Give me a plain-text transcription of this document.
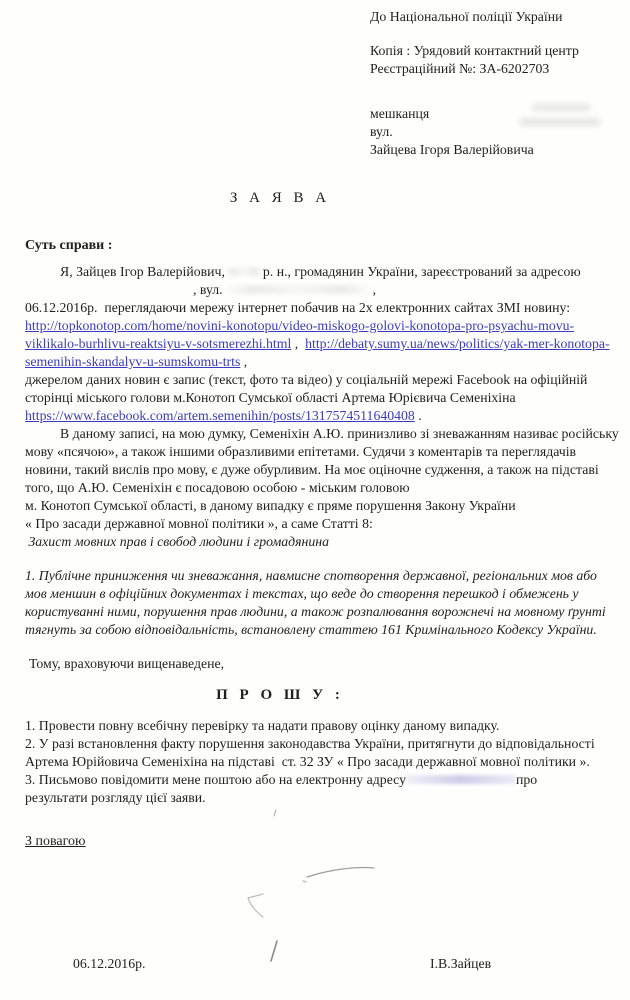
До Національної поліції України
Копія : Урядовий контактний центр
Реєстраційний №: ЗА-6202703
мешканця
вул.
Зайцева Ігоря Валерійовича
З А Я В А
Суть справи :
Я, Зайцев Ігор Валерійович,	р. н., громадянин України, зареєстрований за адресою
, вул.	,
06.12.2016р.  переглядаючи мережу інтернет побачив на 2х електронних сайтах ЗМІ новину:
http://topkonotop.com/home/novini-konotopu/video-miskogo-golovi-konotopa-pro-psyachu-movu-
viklikalo-burhlivu-reaktsiyu-v-sotsmerezhi.html ,  http://debaty.sumy.ua/news/politics/yak-mer-konotopa-
semenihin-skandalyv-u-sumskomu-trts ,
джерелом даних новин є запис (текст, фото та відео) у соціальній мережі Facebook на офіційній
сторінці міського голови м.Конотоп Сумської області Артема Юрієвича Семеніхіна
https://www.facebook.com/artem.semenihin/posts/1317574511640408 .
В даному записі, на мою думку, Семеніхін А.Ю. принизливо зі зневажанням називає російську
мову «псячою», а також іншими образливими епітетами. Судячи з коментарів та переглядачів
новини, такий вислів про мову, є дуже обурливим. На моє оціночне судження, а також на підставі
того, що А.Ю. Семеніхін є посадовою особою - міським головою
м. Конотоп Сумської області, в даному випадку є пряме порушення Закону України
« Про засади державної мовної політики », а саме Статті 8:
Захист мовних прав і свобод людини і громадянина
1. Публічне приниження чи зневажання, навмисне спотворення державної, регіональних мов або
мов меншин в офіційних документах і текстах, що веде до створення перешкод і обмежень у
користуванні ними, порушення прав людини, а також розпалювання ворожнечі на мовному ґрунті
тягнуть за собою відповідальність, встановлену статтею 161 Кримінального Кодексу України.
Тому, враховуючи вищенаведене,
П Р О Ш У :
1. Провести повну всебічну перевірку та надати правову оцінку даному випадку.
2. У разі встановлення факту порушення законодавства України, притягнути до відповідальності
Артема Юрійовича Семеніхіна на підставі  ст. 32 ЗУ « Про засади державної мовної політики ».
3. Письмово повідомити мене поштою або на електронну адресу	про
результати розгляду цієї заяви.
З повагою
06.12.2016р.	І.В.Зайцев
